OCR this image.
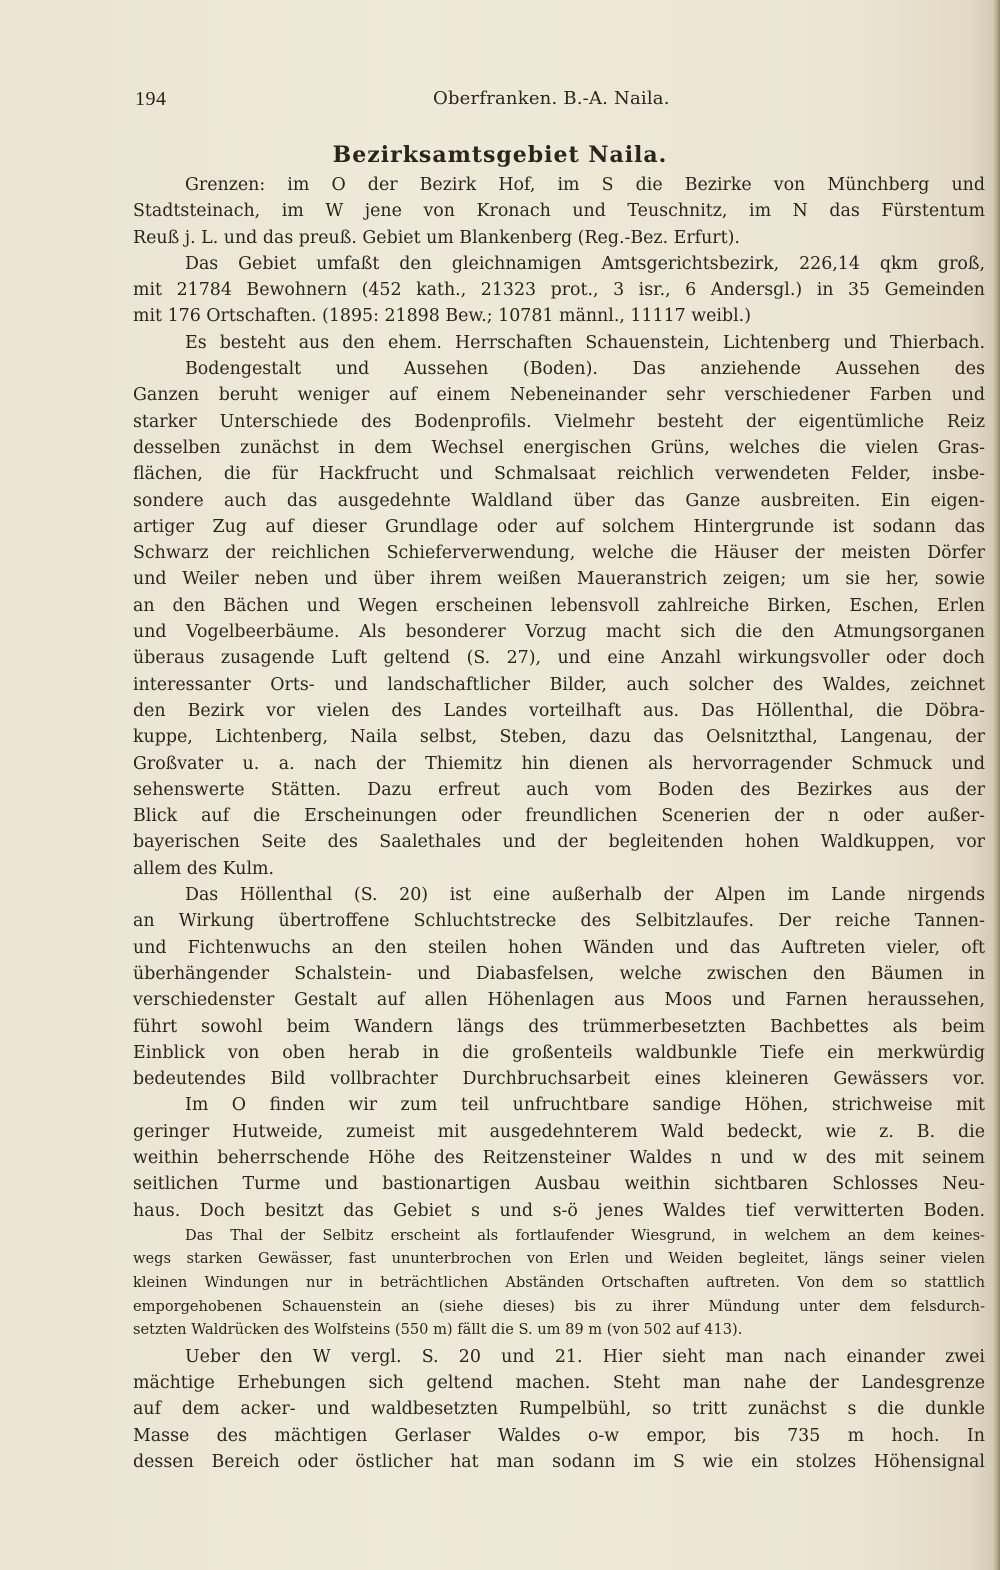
194	Oberfranken. B.-A. Naila.
Bezirksamtsgebiet Naila.
Grenzen: im O der Bezirk Hof, im S die Bezirke von Münchberg und
Stadtsteinach, im W jene von Kronach und Teuschnitz, im N das Fürstentum
Reuß j. L. und das preuß. Gebiet um Blankenberg (Reg.-Bez. Erfurt).
Das Gebiet umfaßt den gleichnamigen Amtsgerichtsbezirk, 226,14 qkm groß,
mit 21784 Bewohnern (452 kath., 21323 prot., 3 isr., 6 Andersgl.) in 35 Gemeinden
mit 176 Ortschaften. (1895: 21898 Bew.; 10781 männl., 11117 weibl.)
Es besteht aus den ehem. Herrschaften Schauenstein, Lichtenberg und Thierbach.
Bodengestalt und Aussehen (Boden). Das anziehende Aussehen des
Ganzen beruht weniger auf einem Nebeneinander sehr verschiedener Farben und
starker Unterschiede des Bodenprofils. Vielmehr besteht der eigentümliche Reiz
desselben zunächst in dem Wechsel energischen Grüns, welches die vielen Gras-
flächen, die für Hackfrucht und Schmalsaat reichlich verwendeten Felder, insbe-
sondere auch das ausgedehnte Waldland über das Ganze ausbreiten. Ein eigen-
artiger Zug auf dieser Grundlage oder auf solchem Hintergrunde ist sodann das
Schwarz der reichlichen Schieferverwendung, welche die Häuser der meisten Dörfer
und Weiler neben und über ihrem weißen Maueranstrich zeigen; um sie her, sowie
an den Bächen und Wegen erscheinen lebensvoll zahlreiche Birken, Eschen, Erlen
und Vogelbeerbäume. Als besonderer Vorzug macht sich die den Atmungsorganen
überaus zusagende Luft geltend (S. 27), und eine Anzahl wirkungsvoller oder doch
interessanter Orts- und landschaftlicher Bilder, auch solcher des Waldes, zeichnet
den Bezirk vor vielen des Landes vorteilhaft aus. Das Höllenthal, die Döbra-
kuppe, Lichtenberg, Naila selbst, Steben, dazu das Oelsnitzthal, Langenau, der
Großvater u. a. nach der Thiemitz hin dienen als hervorragender Schmuck und
sehenswerte Stätten. Dazu erfreut auch vom Boden des Bezirkes aus der
Blick auf die Erscheinungen oder freundlichen Scenerien der n oder außer-
bayerischen Seite des Saalethales und der begleitenden hohen Waldkuppen, vor
allem des Kulm.
Das Höllenthal (S. 20) ist eine außerhalb der Alpen im Lande nirgends
an Wirkung übertroffene Schluchtstrecke des Selbitzlaufes. Der reiche Tannen-
und Fichtenwuchs an den steilen hohen Wänden und das Auftreten vieler, oft
überhängender Schalstein- und Diabasfelsen, welche zwischen den Bäumen in
verschiedenster Gestalt auf allen Höhenlagen aus Moos und Farnen heraussehen,
führt sowohl beim Wandern längs des trümmerbesetzten Bachbettes als beim
Einblick von oben herab in die großenteils waldbunkle Tiefe ein merkwürdig
bedeutendes Bild vollbrachter Durchbruchsarbeit eines kleineren Gewässers vor.
Im O finden wir zum teil unfruchtbare sandige Höhen, strichweise mit
geringer Hutweide, zumeist mit ausgedehnterem Wald bedeckt, wie z. B. die
weithin beherrschende Höhe des Reitzensteiner Waldes n und w des mit seinem
seitlichen Turme und bastionartigen Ausbau weithin sichtbaren Schlosses Neu-
haus. Doch besitzt das Gebiet s und s-ö jenes Waldes tief verwitterten Boden.
Das Thal der Selbitz erscheint als fortlaufender Wiesgrund, in welchem an dem keines-
wegs starken Gewässer, fast ununterbrochen von Erlen und Weiden begleitet, längs seiner vielen
kleinen Windungen nur in beträchtlichen Abständen Ortschaften auftreten. Von dem so stattlich
emporgehobenen Schauenstein an (siehe dieses) bis zu ihrer Mündung unter dem felsdurch-
setzten Waldrücken des Wolfsteins (550 m) fällt die S. um 89 m (von 502 auf 413).
Ueber den W vergl. S. 20 und 21. Hier sieht man nach einander zwei
mächtige Erhebungen sich geltend machen. Steht man nahe der Landesgrenze
auf dem acker- und waldbesetzten Rumpelbühl, so tritt zunächst s die dunkle
Masse des mächtigen Gerlaser Waldes o-w empor, bis 735 m hoch. In
dessen Bereich oder östlicher hat man sodann im S wie ein stolzes Höhensignal
